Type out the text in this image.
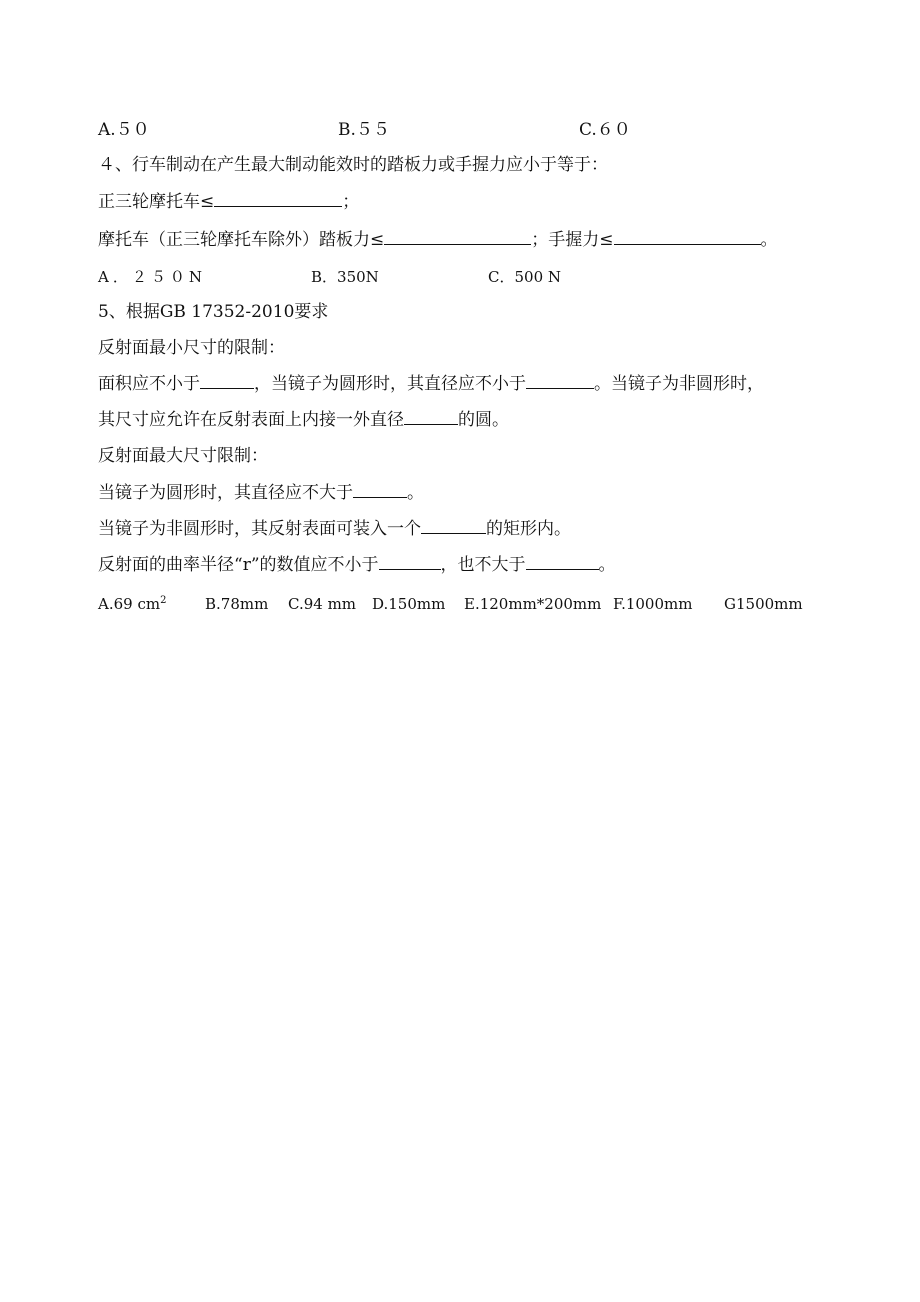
A.５０	B.５５	C.６０
４、行车制动在产生最大制动能效时的踏板力或手握力应小于等于：
正三轮摩托车≤	；
摩托车（正三轮摩托车除外）踏板力≤	；手握力≤	。
A．２５０N	B．350N	C．500 N
5、根据GB 17352-2010要求
反射面最小尺寸的限制：
面积应不小于	，当镜子为圆形时，其直径应不小于	。当镜子为非圆形时，
其尺寸应允许在反射表面上内接一外直径	的圆。
反射面最大尺寸限制：
当镜子为圆形时，其直径应不大于	。
当镜子为非圆形时，其反射表面可装入一个	的矩形内。
反射面的曲率半径“r”的数值应不小于	，也不大于	。
A.69 $cm^2$	B.78mm C.94 mm D.150mm E.120mm*200mm F.1000mm G1500mm
